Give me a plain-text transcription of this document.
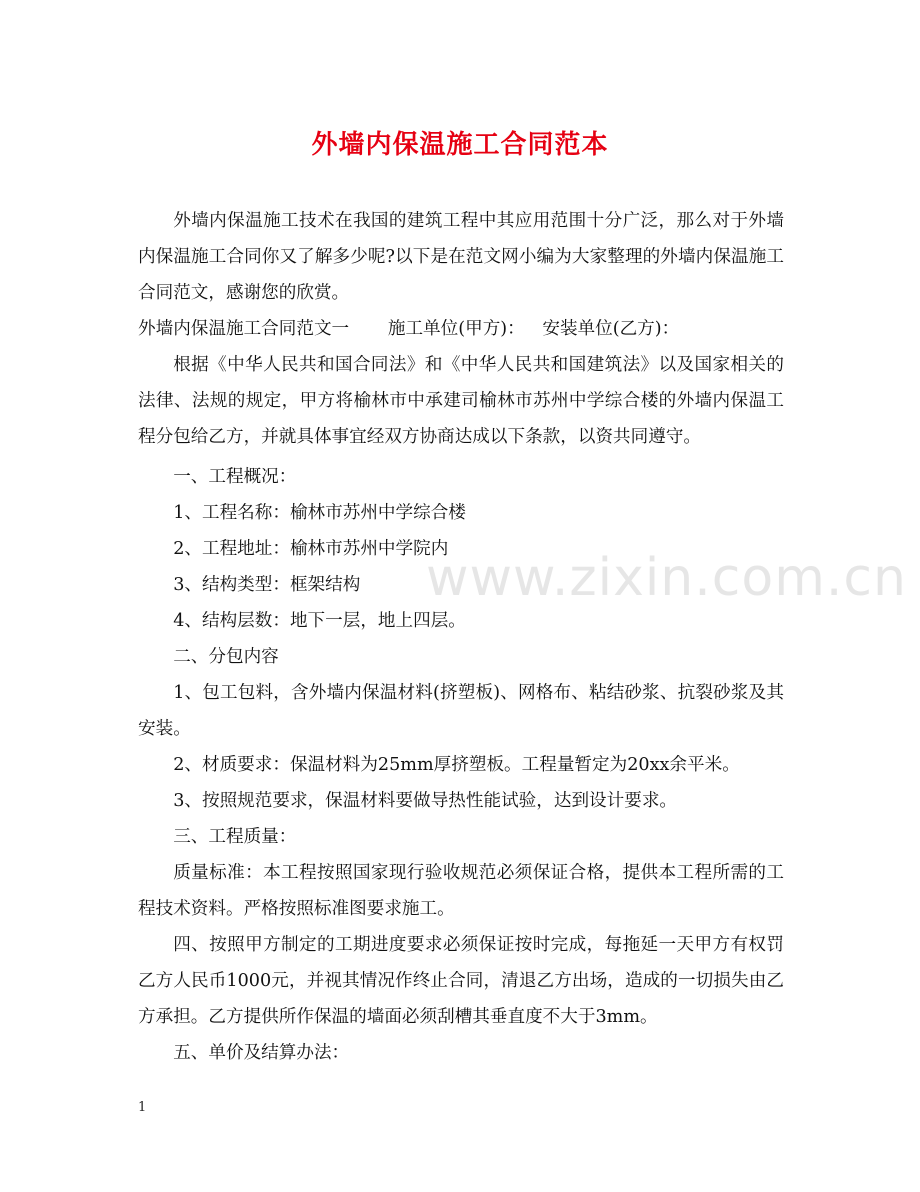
外墙内保温施工合同范本

外墙内保温施工技术在我国的建筑工程中其应用范围十分广泛，那么对于外墙内保温施工合同你又了解多少呢?以下是在范文网小编为大家整理的外墙内保温施工合同范文，感谢您的欣赏。

外墙内保温施工合同范文一 施工单位(甲方)： 安装单位(乙方)：

根据《中华人民共和国合同法》和《中华人民共和国建筑法》以及国家相关的法律、法规的规定，甲方将榆林市中承建司榆林市苏州中学综合楼的外墙内保温工程分包给乙方，并就具体事宜经双方协商达成以下条款，以资共同遵守。

一、工程概况：

1、工程名称：榆林市苏州中学综合楼

2、工程地址：榆林市苏州中学院内

3、结构类型：框架结构

4、结构层数：地下一层，地上四层。

二、分包内容

1、包工包料，含外墙内保温材料(挤塑板)、网格布、粘结砂浆、抗裂砂浆及其安装。

2、材质要求：保温材料为25mm厚挤塑板。工程量暂定为20xx余平米。

3、按照规范要求，保温材料要做导热性能试验，达到设计要求。

三、工程质量：

质量标准：本工程按照国家现行验收规范必须保证合格，提供本工程所需的工程技术资料。严格按照标准图要求施工。

四、按照甲方制定的工期进度要求必须保证按时完成，每拖延一天甲方有权罚乙方人民币1000元，并视其情况作终止合同，清退乙方出场，造成的一切损失由乙方承担。乙方提供所作保温的墙面必须刮槽其垂直度不大于3mm。

五、单价及结算办法：

www.zixin.com.cn
1
